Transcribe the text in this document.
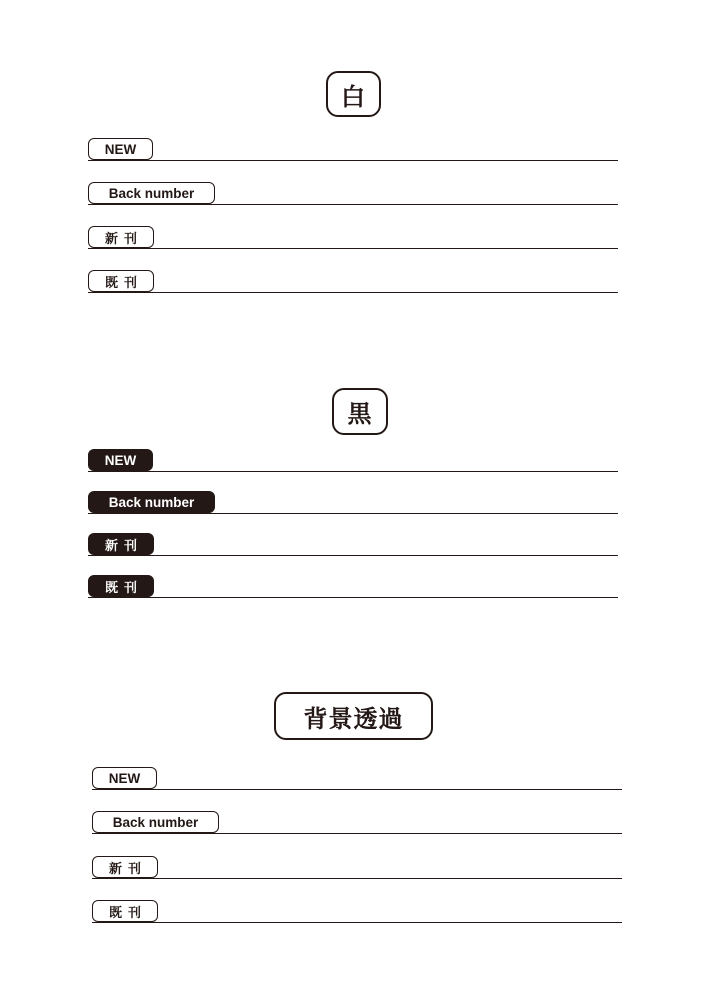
白
NEW
Back number
新刊
既刊
黒
NEW
Back number
新刊
既刊
背景透過
NEW
Back number
新刊
既刊
